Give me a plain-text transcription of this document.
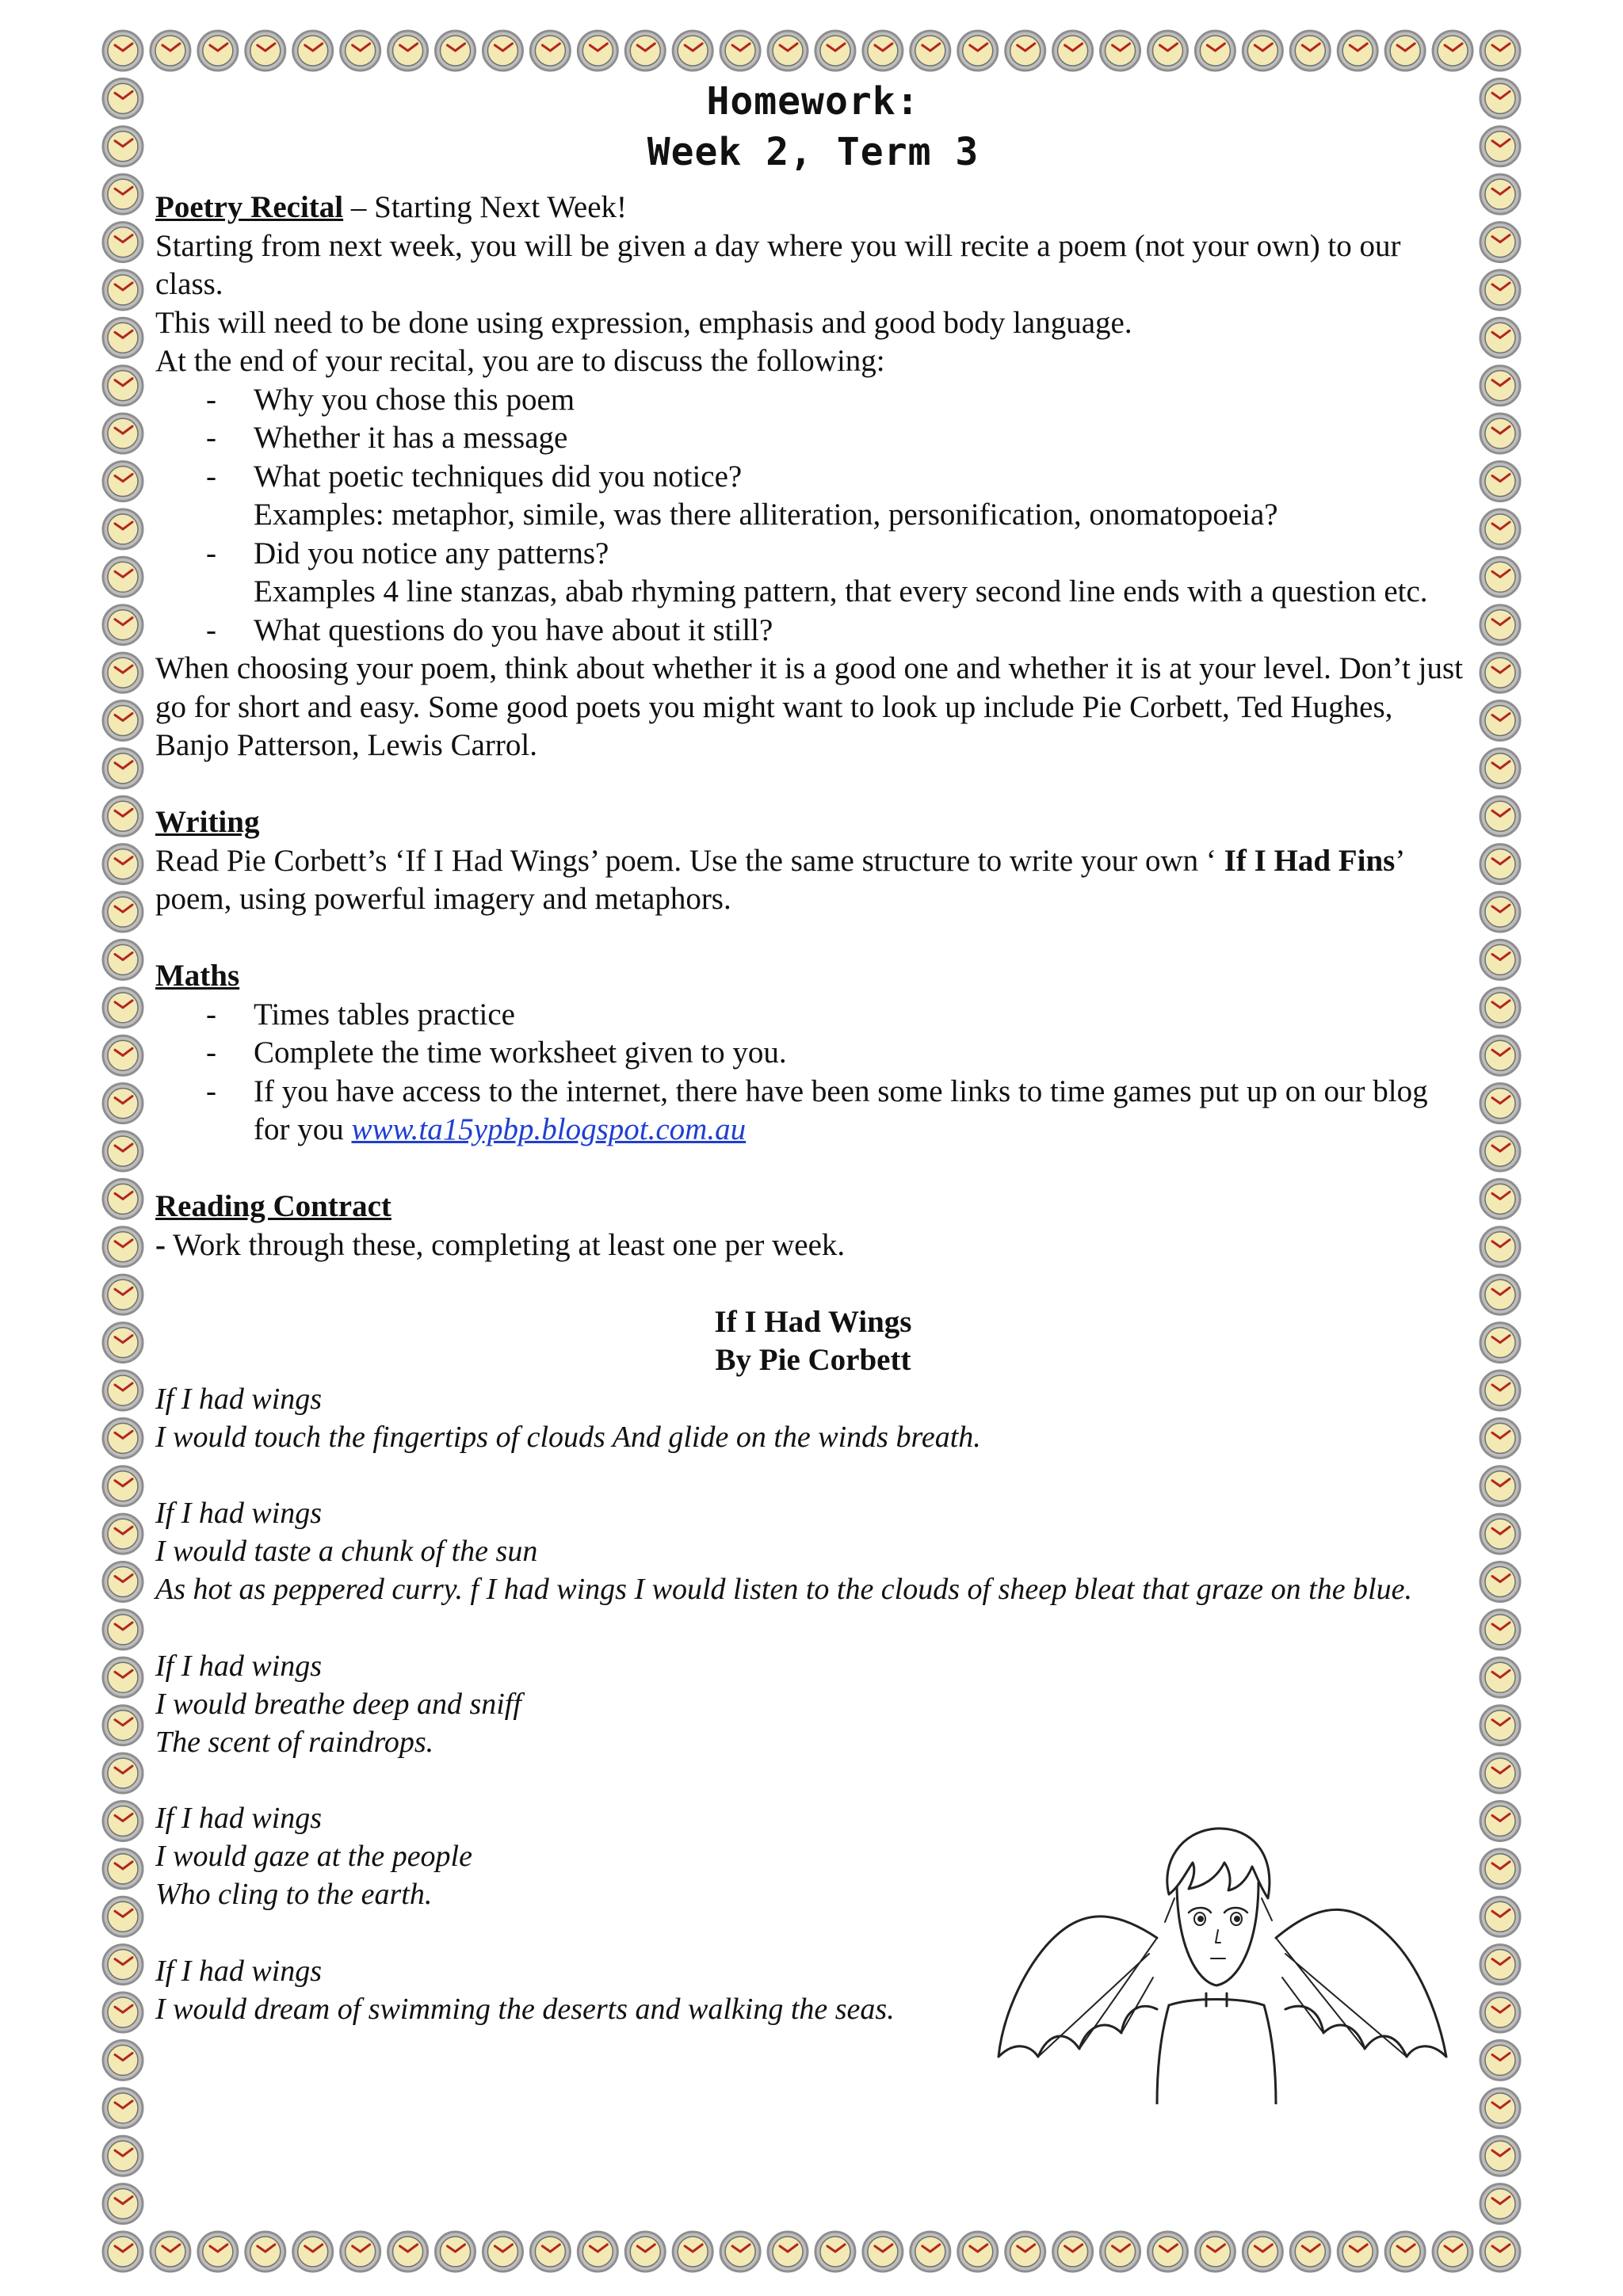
Homework:
Week 2, Term 3

Poetry Recital – Starting Next Week!

Starting from next week, you will be given a day where you will recite a poem (not your own) to our class.

This will need to be done using expression, emphasis and good body language.

At the end of your recital, you are to discuss the following:

- Why you chose this poem
- Whether it has a message
- What poetic techniques did you notice?
Examples: metaphor, simile, was there alliteration, personification, onomatopoeia?
- Did you notice any patterns?
Examples 4 line stanzas, abab rhyming pattern, that every second line ends with a question etc.
- What questions do you have about it still?

When choosing your poem, think about whether it is a good one and whether it is at your level. Don’t just go for short and easy. Some good poets you might want to look up include Pie Corbett, Ted Hughes, Banjo Patterson, Lewis Carrol.

Writing

Read Pie Corbett’s ‘If I Had Wings’ poem. Use the same structure to write your own ‘ If I Had Fins’ poem, using powerful imagery and metaphors.

Maths

- Times tables practice
- Complete the time worksheet given to you.
- If you have access to the internet, there have been some links to time games put up on our blog for you www.ta15ypbp.blogspot.com.au

Reading Contract

- Work through these, completing at least one per week.

If I Had Wings

By Pie Corbett

If I had wings
I would touch the fingertips of clouds And glide on the winds breath.
If I had wings
I would taste a chunk of the sun
As hot as peppered curry. f I had wings I would listen to the clouds of sheep bleat that graze on the blue.
If I had wings
I would breathe deep and sniff
The scent of raindrops.
If I had wings
I would gaze at the people
Who cling to the earth.
If I had wings
I would dream of swimming the deserts and walking the seas.
